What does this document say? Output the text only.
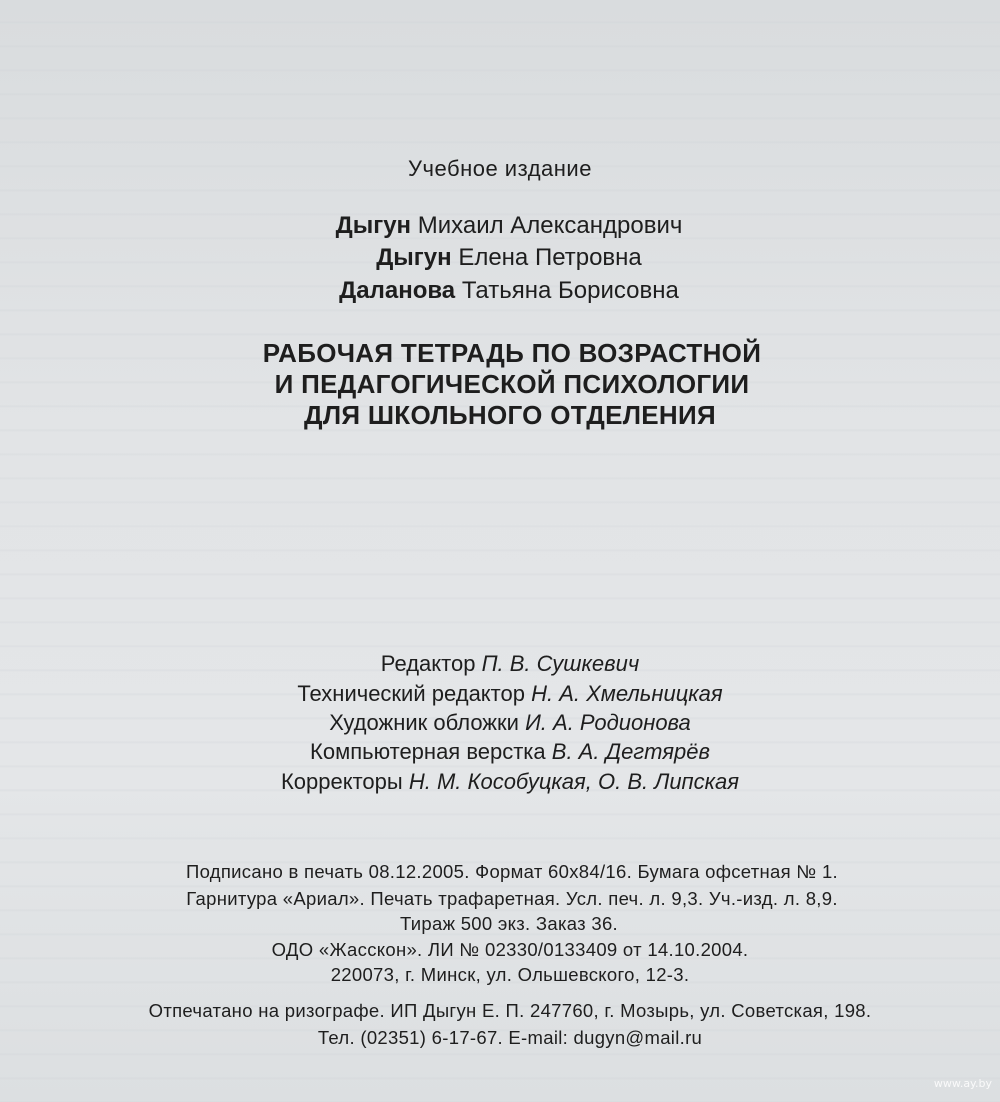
Учебное издание
Дыгун Михаил Александрович
Дыгун Елена Петровна
Даланова Татьяна Борисовна
РАБОЧАЯ ТЕТРАДЬ ПО ВОЗРАСТНОЙ
И ПЕДАГОГИЧЕСКОЙ ПСИХОЛОГИИ
ДЛЯ ШКОЛЬНОГО ОТДЕЛЕНИЯ
Редактор П. В. Сушкевич
Технический редактор Н. А. Хмельницкая
Художник обложки И. А. Родионова
Компьютерная верстка В. А. Дегтярёв
Корректоры Н. М. Кособуцкая, О. В. Липская
Подписано в печать 08.12.2005. Формат 60х84/16. Бумага офсетная № 1.
Гарнитура «Ариал». Печать трафаретная. Усл. печ. л. 9,3. Уч.-изд. л. 8,9.
Тираж 500 экз. Заказ 36.
ОДО «Жасскон». ЛИ № 02330/0133409 от 14.10.2004.
220073, г. Минск, ул. Ольшевского, 12-3.
Отпечатано на ризографе. ИП Дыгун Е. П. 247760, г. Мозырь, ул. Советская, 198.
Тел. (02351) 6-17-67. E-mail: dugyn@mail.ru
www.ay.by
